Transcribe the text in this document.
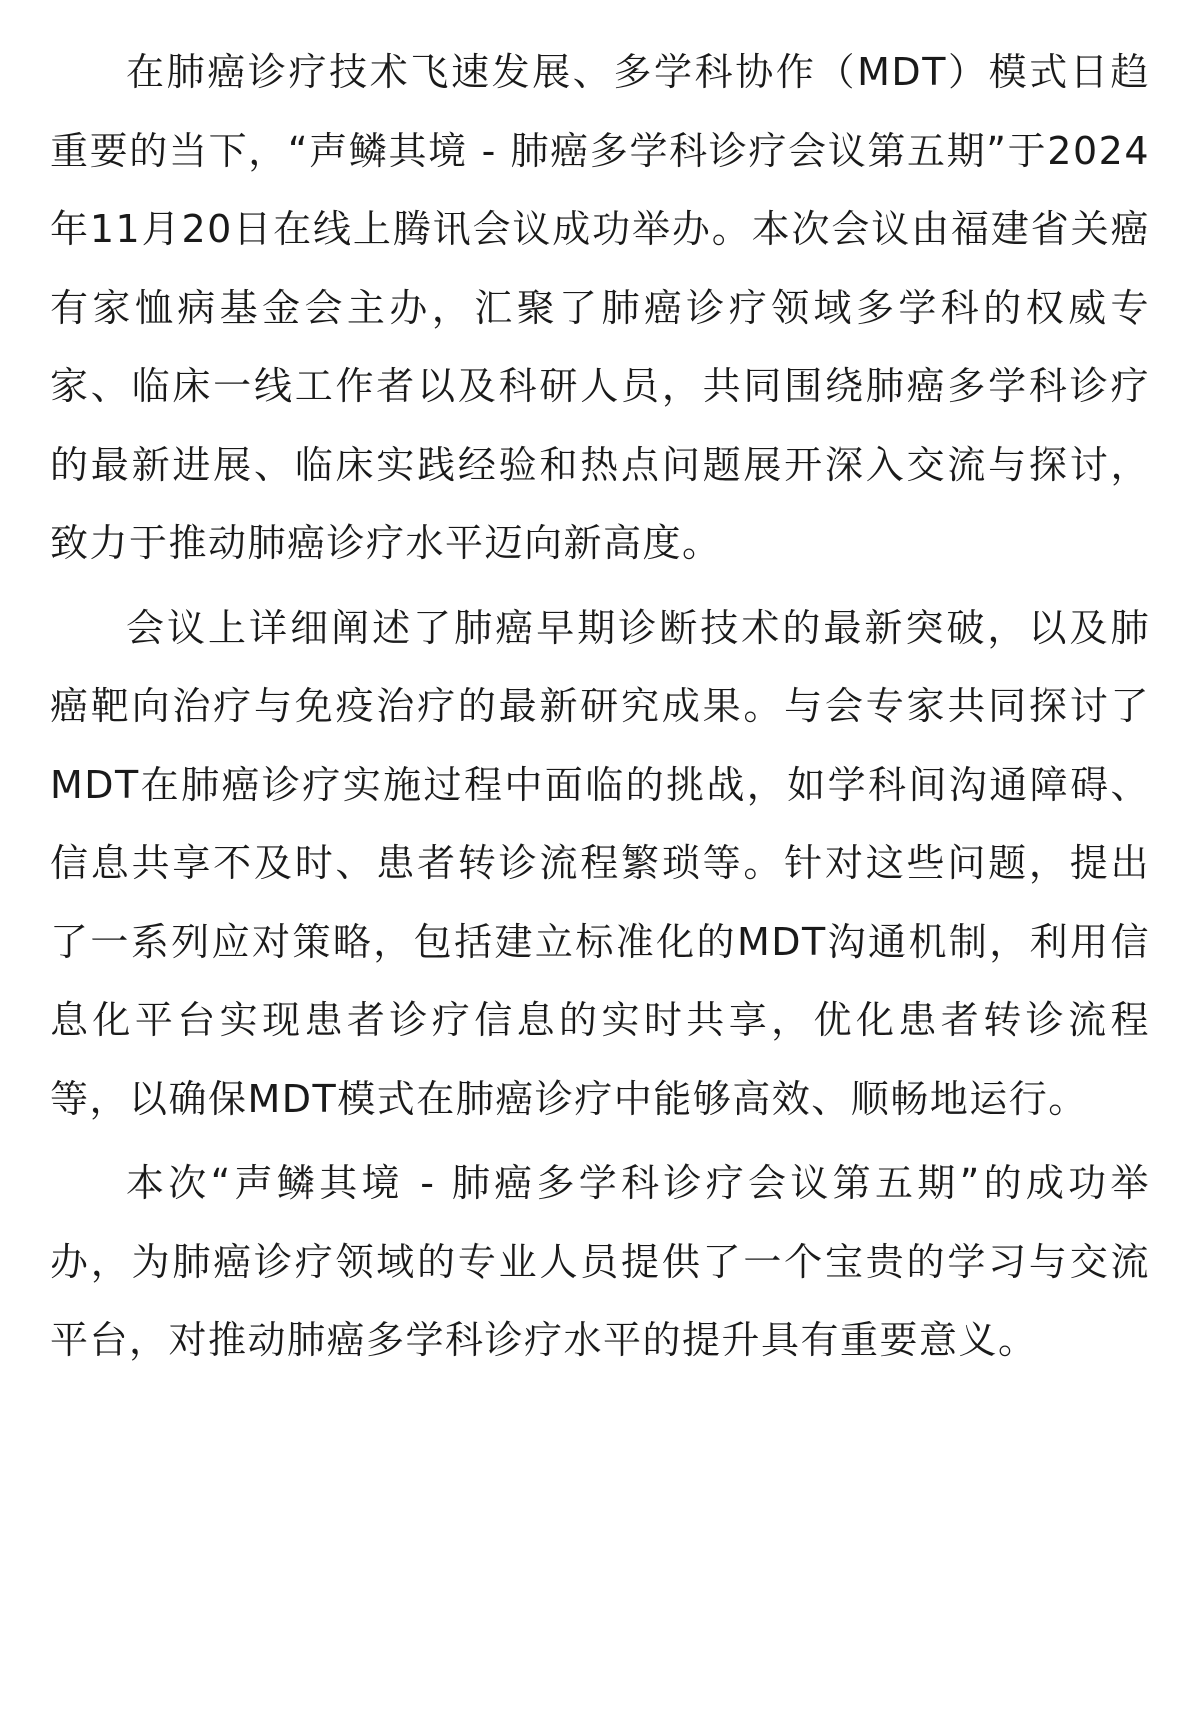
在肺癌诊疗技术飞速发展、多学科协作（MDT）模式日趋重要的当下，“声鳞其境 - 肺癌多学科诊疗会议第五期”于2024年11月20日在线上腾讯会议成功举办。本次会议由福建省关癌有家恤病基金会主办，汇聚了肺癌诊疗领域多学科的权威专家、临床一线工作者以及科研人员，共同围绕肺癌多学科诊疗的最新进展、临床实践经验和热点问题展开深入交流与探讨，致力于推动肺癌诊疗水平迈向新高度。

会议上详细阐述了肺癌早期诊断技术的最新突破，以及肺癌靶向治疗与免疫治疗的最新研究成果。与会专家共同探讨了MDT在肺癌诊疗实施过程中面临的挑战，如学科间沟通障碍、信息共享不及时、患者转诊流程繁琐等。针对这些问题，提出了一系列应对策略，包括建立标准化的MDT沟通机制，利用信息化平台实现患者诊疗信息的实时共享，优化患者转诊流程等，以确保MDT模式在肺癌诊疗中能够高效、顺畅地运行。

本次“声鳞其境 - 肺癌多学科诊疗会议第五期”的成功举办，为肺癌诊疗领域的专业人员提供了一个宝贵的学习与交流平台，对推动肺癌多学科诊疗水平的提升具有重要意义。
